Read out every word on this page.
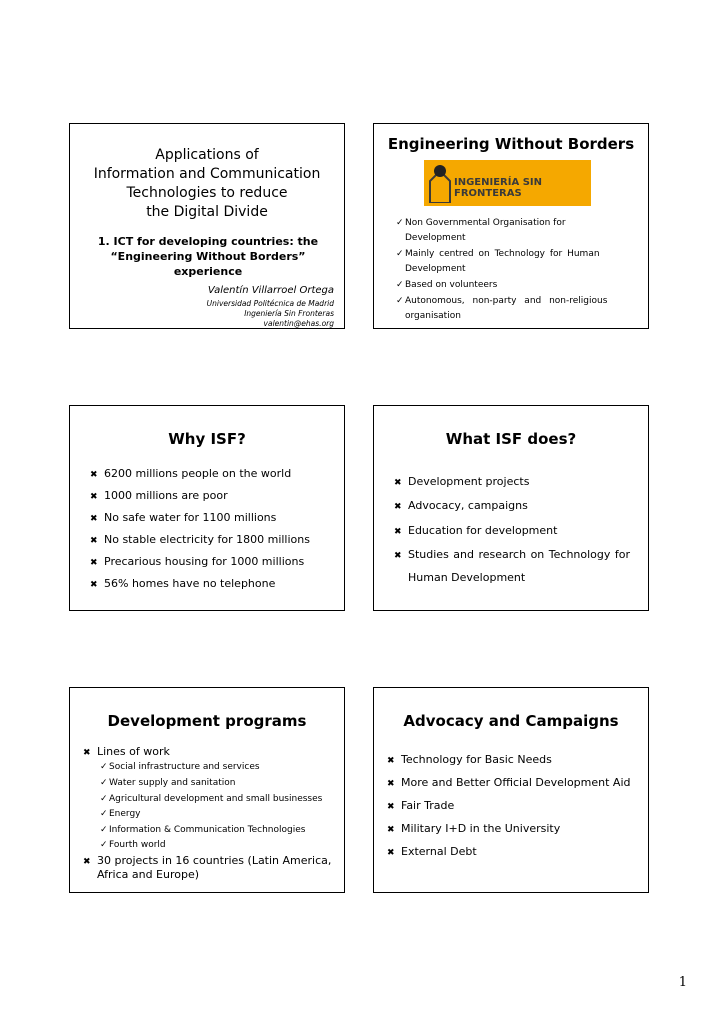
Applications of
Information and Communication
Technologies to reduce
the Digital Divide
1. ICT for developing countries: the
“Engineering Without Borders”
experience
Valentín Villarroel Ortega
Universidad Politécnica de Madrid
Ingeniería Sin Fronteras
valentin@ehas.org
Engineering Without Borders
INGENIERÍA SIN FRONTERAS
✓Non Governmental Organisation for
Development
✓Mainly centred on Technology for Human
Development
✓Based on volunteers
✓Autonomous, non-party and non-religious
organisation
Why ISF?
✖ 6200 millions people on the world
✖ 1000 millions are poor
✖ No safe water for 1100 millions
✖ No stable electricity for 1800 millions
✖ Precarious housing for 1000 millions
✖ 56% homes have no telephone
What ISF does?
✖ Development projects
✖ Advocacy, campaigns
✖ Education for development
✖ Studies and research on Technology for
Human Development
Development programs
✖ Lines of work
✓Social infrastructure and services
✓Water supply and sanitation
✓Agricultural development and small businesses
✓Energy
✓Information & Communication Technologies
✓Fourth world
✖ 30 projects in 16 countries (Latin America,
Africa and Europe)
Advocacy and Campaigns
✖ Technology for Basic Needs
✖ More and Better Official Development Aid
✖ Fair Trade
✖ Military I+D in the University
✖ External Debt
1
